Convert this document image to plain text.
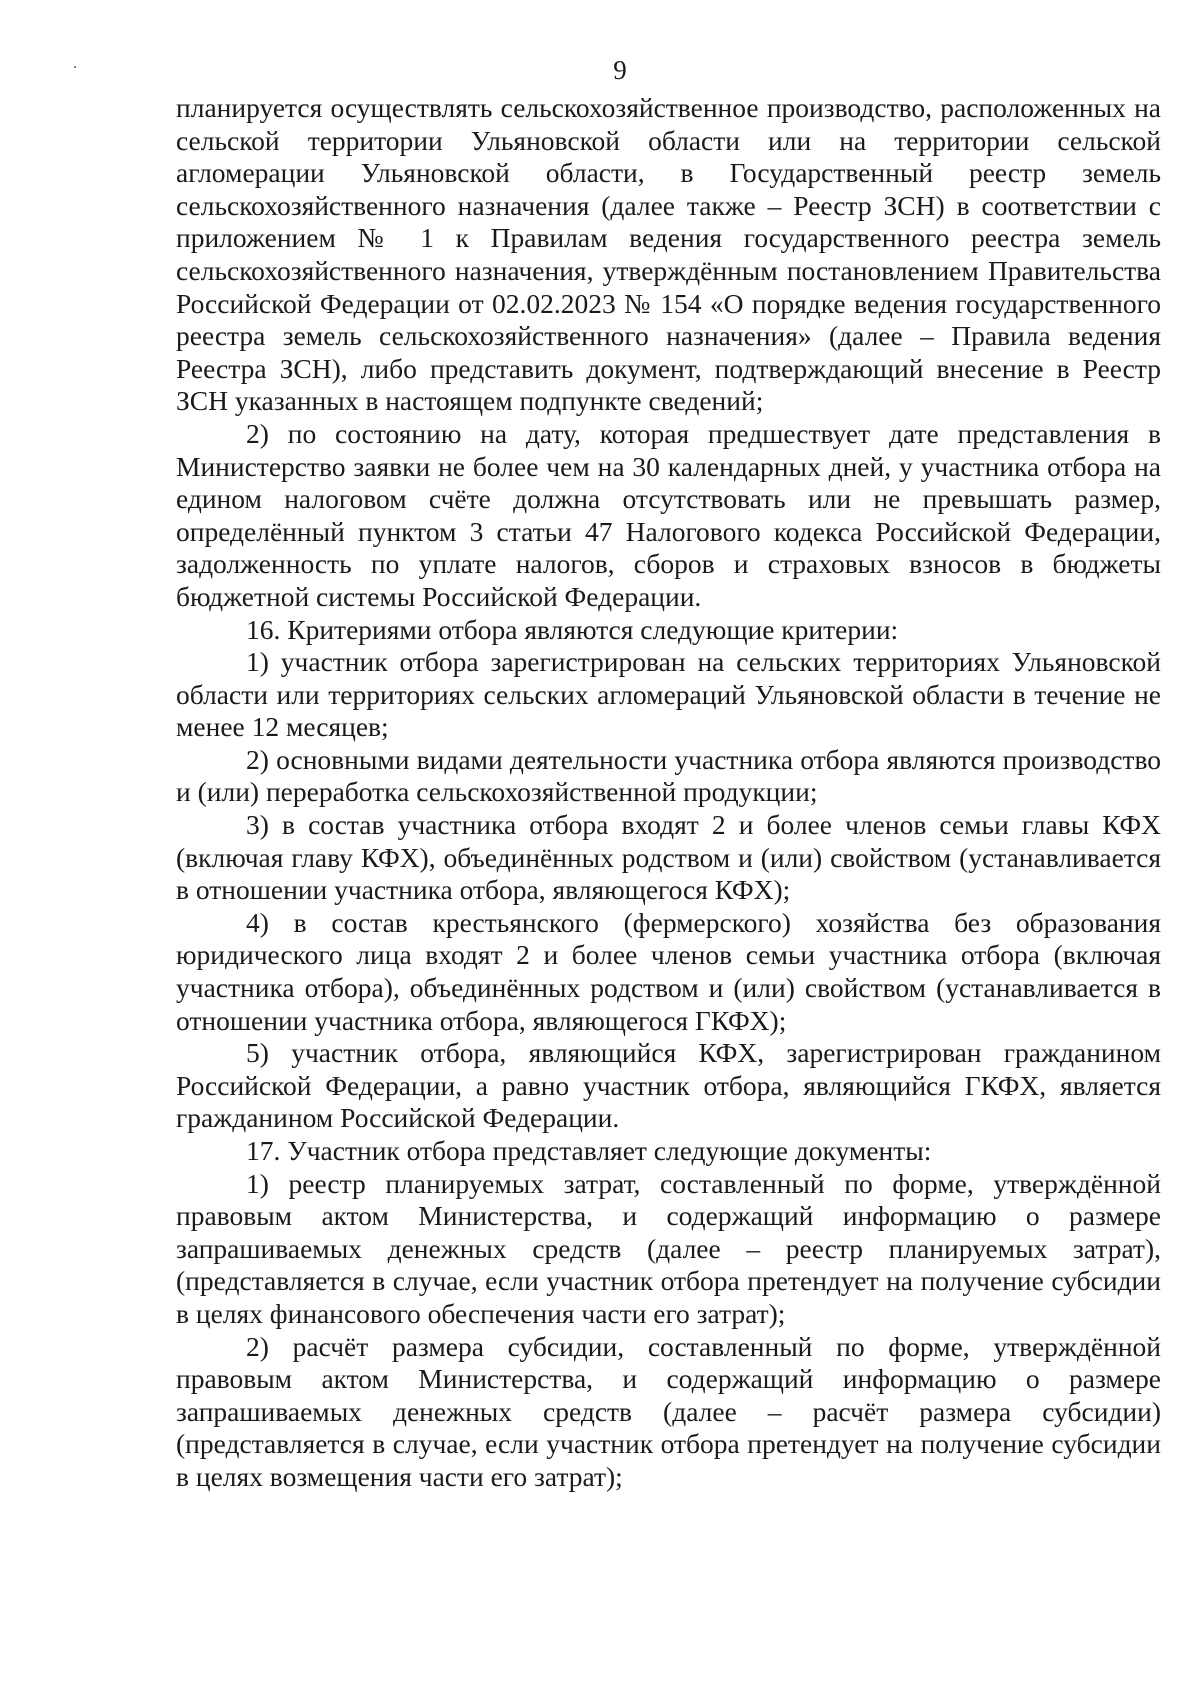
9

планируется осуществлять сельскохозяйственное производство, расположенных на сельской территории Ульяновской области или на территории сельской агломерации Ульяновской области, в Государственный реестр земель сельскохозяйственного назначения (далее также – Реестр ЗСН) в соответствии с приложением № 1 к Правилам ведения государственного реестра земель сельскохозяйственного назначения, утверждённым постановлением Правительства Российской Федерации от 02.02.2023 № 154 «О порядке ведения государственного реестра земель сельскохозяйственного назначения» (далее – Правила ведения Реестра ЗСН), либо представить документ, подтверждающий внесение в Реестр ЗСН указанных в настоящем подпункте сведений;

2) по состоянию на дату, которая предшествует дате представления в Министерство заявки не более чем на 30 календарных дней, у участника отбора на едином налоговом счёте должна отсутствовать или не превышать размер, определённый пунктом 3 статьи 47 Налогового кодекса Российской Федерации, задолженность по уплате налогов, сборов и страховых взносов в бюджеты бюджетной системы Российской Федерации.

16. Критериями отбора являются следующие критерии:

1) участник отбора зарегистрирован на сельских территориях Ульяновской области или территориях сельских агломераций Ульяновской области в течение не менее 12 месяцев;

2) основными видами деятельности участника отбора являются производство и (или) переработка сельскохозяйственной продукции;

3) в состав участника отбора входят 2 и более членов семьи главы КФХ (включая главу КФХ), объединённых родством и (или) свойством (устанавливается в отношении участника отбора, являющегося КФХ);

4) в состав крестьянского (фермерского) хозяйства без образования юридического лица входят 2 и более членов семьи участника отбора (включая участника отбора), объединённых родством и (или) свойством (устанавливается в отношении участника отбора, являющегося ГКФХ);

5) участник отбора, являющийся КФХ, зарегистрирован гражданином Российской Федерации, а равно участник отбора, являющийся ГКФХ, является гражданином Российской Федерации.

17. Участник отбора представляет следующие документы:

1) реестр планируемых затрат, составленный по форме, утверждённой правовым актом Министерства, и содержащий информацию о размере запрашиваемых денежных средств (далее – реестр планируемых затрат), (представляется в случае, если участник отбора претендует на получение субсидии в целях финансового обеспечения части его затрат);

2) расчёт размера субсидии, составленный по форме, утверждённой правовым актом Министерства, и содержащий информацию о размере запрашиваемых денежных средств (далее – расчёт размера субсидии) (представляется в случае, если участник отбора претендует на получение субсидии в целях возмещения части его затрат);
